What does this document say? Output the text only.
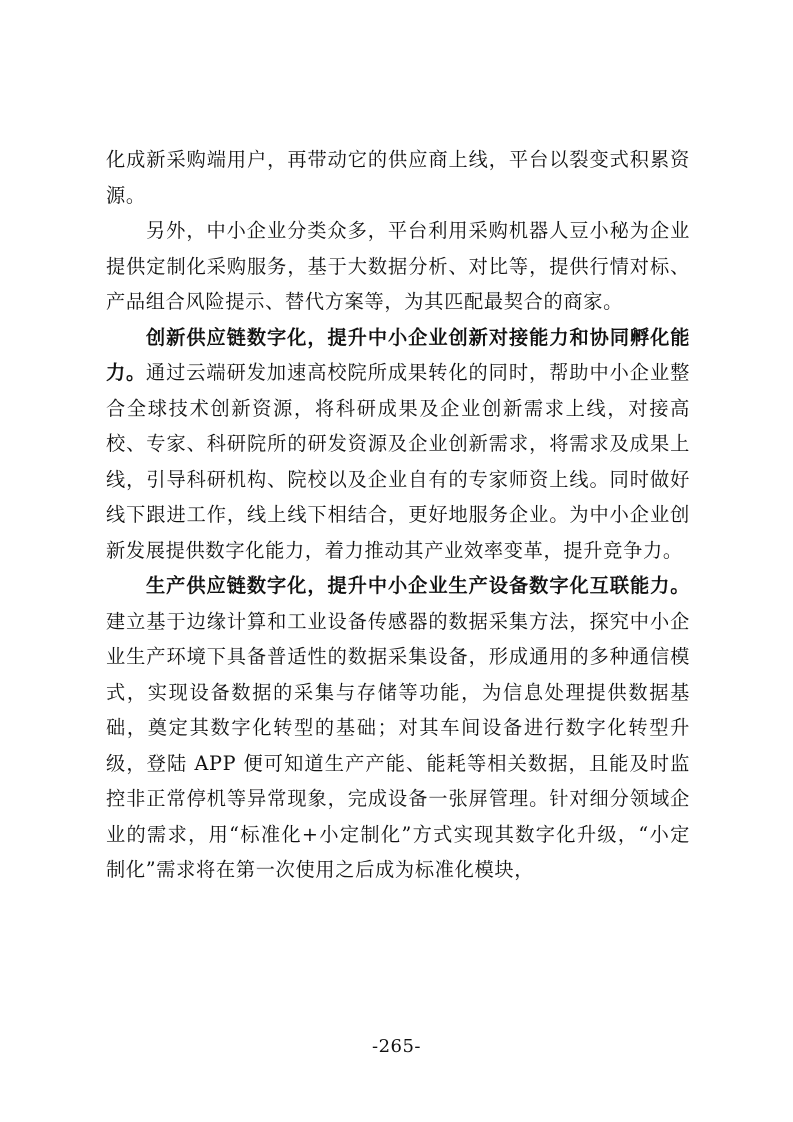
化成新采购端用户，再带动它的供应商上线，平台以裂变式积累资源。

另外，中小企业分类众多，平台利用采购机器人豆小秘为企业提供定制化采购服务，基于大数据分析、对比等，提供行情对标、产品组合风险提示、替代方案等，为其匹配最契合的商家。

创新供应链数字化，提升中小企业创新对接能力和协同孵化能力。通过云端研发加速高校院所成果转化的同时，帮助中小企业整合全球技术创新资源，将科研成果及企业创新需求上线，对接高校、专家、科研院所的研发资源及企业创新需求，将需求及成果上线，引导科研机构、院校以及企业自有的专家师资上线。同时做好线下跟进工作，线上线下相结合，更好地服务企业。为中小企业创新发展提供数字化能力，着力推动其产业效率变革，提升竞争力。

生产供应链数字化，提升中小企业生产设备数字化互联能力。建立基于边缘计算和工业设备传感器的数据采集方法，探究中小企业生产环境下具备普适性的数据采集设备，形成通用的多种通信模式，实现设备数据的采集与存储等功能，为信息处理提供数据基础，奠定其数字化转型的基础；对其车间设备进行数字化转型升级，登陆 APP 便可知道生产产能、能耗等相关数据，且能及时监控非正常停机等异常现象，完成设备一张屏管理。针对细分领域企业的需求，用“标准化+小定制化”方式实现其数字化升级，“小定制化”需求将在第一次使用之后成为标准化模块，

-265-
